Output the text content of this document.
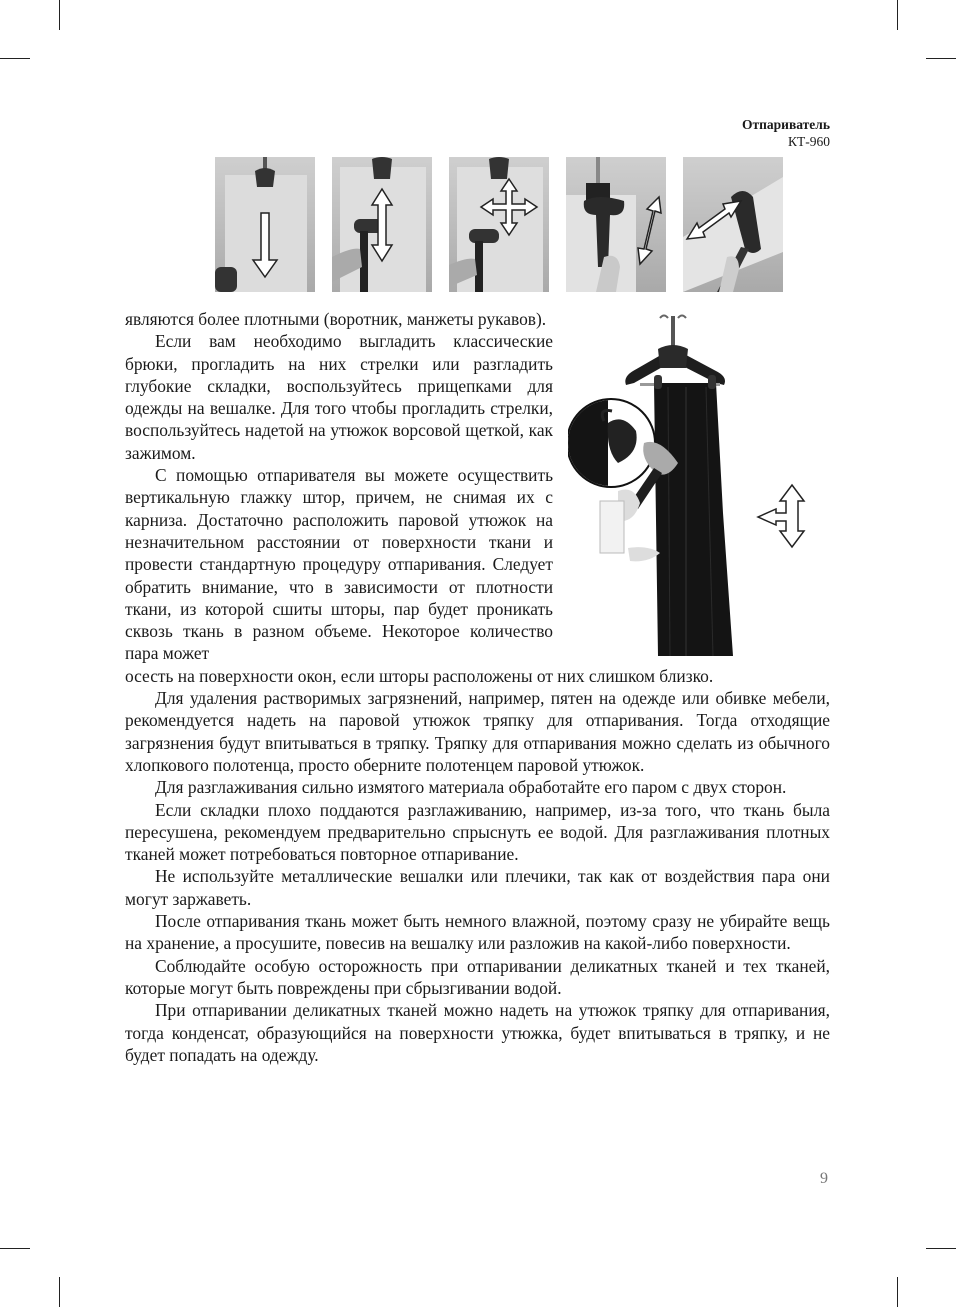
Отпариватель
КТ-960

являются более плотными (воротник, манжеты рукавов).

Если вам необходимо выгладить классические брюки, прогладить на них стрелки или разгладить глубокие складки, воспользуйтесь прищепками для одежды на вешалке. Для того чтобы прогладить стрелки, воспользуйтесь надетой на утюжок ворсовой щеткой, как зажимом.

С помощью отпаривателя вы можете осуществить вертикальную глажку штор, причем, не снимая их с карниза. Достаточно расположить паровой утюжок на незначительном расстоянии от поверхности ткани и провести стандартную процедуру отпаривания. Следует обратить внимание, что в зависимости от плотности ткани, из которой сшиты шторы, пар будет проникать сквозь ткань в разном объеме. Некоторое количество пара может

осесть на поверхности окон, если шторы расположены от них слишком близко.

Для удаления растворимых загрязнений, например, пятен на одежде или обивке мебели, рекомендуется надеть на паровой утюжок тряпку для отпаривания. Тогда отходящие загрязнения будут впитываться в тряпку. Тряпку для отпаривания можно сделать из обычного хлопкового полотенца, просто оберните полотенцем паровой утюжок.

Для разглаживания сильно измятого материала обработайте его паром с двух сторон.

Если складки плохо поддаются разглаживанию, например, из-за того, что ткань была пересушена, рекомендуем предварительно спрыснуть ее водой. Для разглаживания плотных тканей может потребоваться повторное отпаривание.

Не используйте металлические вешалки или плечики, так как от воздействия пара они могут заржаветь.

После отпаривания ткань может быть немного влажной, поэтому сразу не убирайте вещь на хранение, а просушите, повесив на вешалку или разложив на какой-либо поверхности.

Соблюдайте особую осторожность при отпаривании деликатных тканей и тех тканей, которые могут быть повреждены при сбрызгивании водой.

При отпаривании деликатных тканей можно надеть на утюжок тряпку для отпаривания, тогда конденсат, образующийся на поверхности утюжка, будет впитываться в тряпку, и не будет попадать на одежду.

9
